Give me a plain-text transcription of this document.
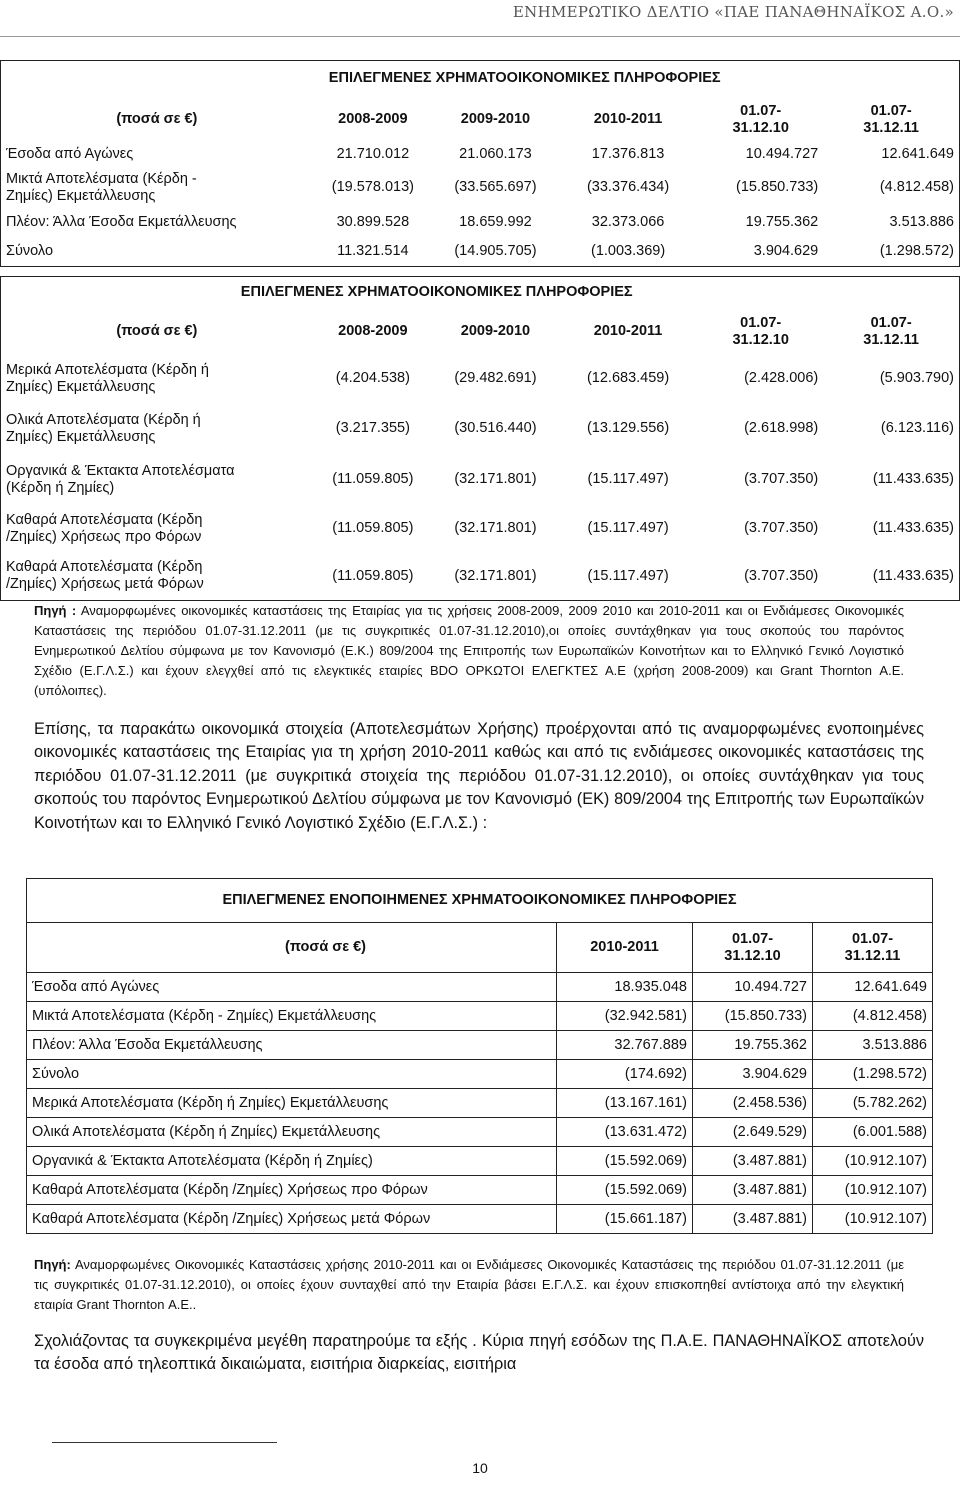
ΕΝΗΜΕΡΩΤΙΚΟ ΔΕΛΤΙΟ «ΠΑΕ ΠΑΝΑΘΗΝΑΪΚΟΣ Α.Ο.»
	ΕΠΙΛΕΓΜΕΝΕΣ ΧΡΗΜΑΤΟΟΙΚΟΝΟΜΙΚΕΣ ΠΛΗΡΟΦΟΡΙΕΣ				
(ποσά σε €)	2008-2009	2009-2010	2010-2011	01.07-
31.12.10	01.07-
31.12.11
Έσοδα από Αγώνες	21.710.012	21.060.173	17.376.813	10.494.727	12.641.649
Μικτά Αποτελέσματα (Κέρδη -
Ζημίες) Εκμετάλλευσης	(19.578.013)	(33.565.697)	(33.376.434)	(15.850.733)	(4.812.458)
Πλέον: Άλλα Έσοδα Εκμετάλλευσης	30.899.528	18.659.992	32.373.066	19.755.362	3.513.886
Σύνολο	11.321.514	(14.905.705)	(1.003.369)	3.904.629	(1.298.572)
	ΕΠΙΛΕΓΜΕΝΕΣ ΧΡΗΜΑΤΟΟΙΚΟΝΟΜΙΚΕΣ ΠΛΗΡΟΦΟΡΙΕΣ
(ποσά σε €)	2008-2009	2009-2010	2010-2011	01.07-
31.12.10	01.07-
31.12.11
Μερικά Αποτελέσματα (Κέρδη ή
Ζημίες) Εκμετάλλευσης	(4.204.538)	(29.482.691)	(12.683.459)	(2.428.006)	(5.903.790)
Ολικά Αποτελέσματα (Κέρδη ή
Ζημίες) Εκμετάλλευσης	(3.217.355)	(30.516.440)	(13.129.556)	(2.618.998)	(6.123.116)
Οργανικά & Έκτακτα Αποτελέσματα
(Κέρδη ή Ζημίες)	(11.059.805)	(32.171.801)	(15.117.497)	(3.707.350)	(11.433.635)
Καθαρά Αποτελέσματα (Κέρδη
/Ζημίες) Χρήσεως προ Φόρων	(11.059.805)	(32.171.801)	(15.117.497)	(3.707.350)	(11.433.635)
Καθαρά Αποτελέσματα (Κέρδη
/Ζημίες) Χρήσεως μετά Φόρων	(11.059.805)	(32.171.801)	(15.117.497)	(3.707.350)	(11.433.635)
Πηγή : Αναμορφωμένες οικονομικές καταστάσεις της Εταιρίας για τις χρήσεις 2008-2009, 2009 2010 και 2010-2011 και οι Ενδιάμεσες Οικονομικές Καταστάσεις της περιόδου 01.07-31.12.2011 (με τις συγκριτικές 01.07-31.12.2010),οι οποίες συντάχθηκαν για τους σκοπούς του παρόντος Ενημερωτικού Δελτίου σύμφωνα με τον Κανονισμό (Ε.Κ.) 809/2004 της Επιτροπής των Ευρωπαϊκών Κοινοτήτων και το Ελληνικό Γενικό Λογιστικό Σχέδιο (Ε.Γ.Λ.Σ.) και έχουν ελεγχθεί από τις ελεγκτικές εταιρίες BDO ΟΡΚΩΤΟΙ ΕΛΕΓΚΤΕΣ Α.Ε (χρήση 2008-2009) και Grant Thornton Α.Ε. (υπόλοιπες).
Επίσης, τα παρακάτω οικονομικά στοιχεία (Αποτελεσμάτων Χρήσης) προέρχονται από τις αναμορφωμένες ενοποιημένες οικονομικές καταστάσεις της Εταιρίας για τη χρήση 2010-2011 καθώς και από τις ενδιάμεσες οικονομικές καταστάσεις της περιόδου 01.07-31.12.2011 (με συγκριτικά στοιχεία της περιόδου 01.07-31.12.2010), οι οποίες συντάχθηκαν για τους σκοπούς του παρόντος Ενημερωτικού Δελτίου σύμφωνα με τον Κανονισμό (ΕΚ) 809/2004 της Επιτροπής των Ευρωπαϊκών Κοινοτήτων και το Ελληνικό Γενικό Λογιστικό Σχέδιο (Ε.Γ.Λ.Σ.) :
ΕΠΙΛΕΓΜΕΝΕΣ ΕΝΟΠΟΙΗΜΕΝΕΣ ΧΡΗΜΑΤΟΟΙΚΟΝΟΜΙΚΕΣ ΠΛΗΡΟΦΟΡΙΕΣ			
(ποσά σε €)	2010-2011	01.07-
31.12.10	01.07-
31.12.11
Έσοδα από Αγώνες	18.935.048	10.494.727	12.641.649
Μικτά Αποτελέσματα (Κέρδη - Ζημίες) Εκμετάλλευσης	(32.942.581)	(15.850.733)	(4.812.458)
Πλέον: Άλλα Έσοδα Εκμετάλλευσης	32.767.889	19.755.362	3.513.886
Σύνολο	(174.692)	3.904.629	(1.298.572)
Μερικά Αποτελέσματα (Κέρδη ή Ζημίες) Εκμετάλλευσης	(13.167.161)	(2.458.536)	(5.782.262)
Ολικά Αποτελέσματα (Κέρδη ή Ζημίες) Εκμετάλλευσης	(13.631.472)	(2.649.529)	(6.001.588)
Οργανικά & Έκτακτα Αποτελέσματα (Κέρδη ή Ζημίες)	(15.592.069)	(3.487.881)	(10.912.107)
Καθαρά Αποτελέσματα (Κέρδη /Ζημίες) Χρήσεως προ Φόρων	(15.592.069)	(3.487.881)	(10.912.107)
Καθαρά Αποτελέσματα (Κέρδη /Ζημίες) Χρήσεως μετά Φόρων	(15.661.187)	(3.487.881)	(10.912.107)
Πηγή: Αναμορφωμένες Οικονομικές Καταστάσεις χρήσης 2010-2011 και οι Ενδιάμεσες Οικονομικές Καταστάσεις της περιόδου 01.07-31.12.2011 (με τις συγκριτικές 01.07-31.12.2010), οι οποίες έχουν συνταχθεί από την Εταιρία βάσει Ε.Γ.Λ.Σ. και έχουν επισκοπηθεί αντίστοιχα από την ελεγκτική εταιρία Grant Thornton Α.Ε..
Σχολιάζοντας τα συγκεκριμένα μεγέθη παρατηρούμε τα εξής . Κύρια πηγή εσόδων της Π.Α.Ε. ΠΑΝΑΘΗΝΑΪΚΟΣ αποτελούν τα έσοδα από τηλεοπτικά δικαιώματα, εισιτήρια διαρκείας, εισιτήρια
10
